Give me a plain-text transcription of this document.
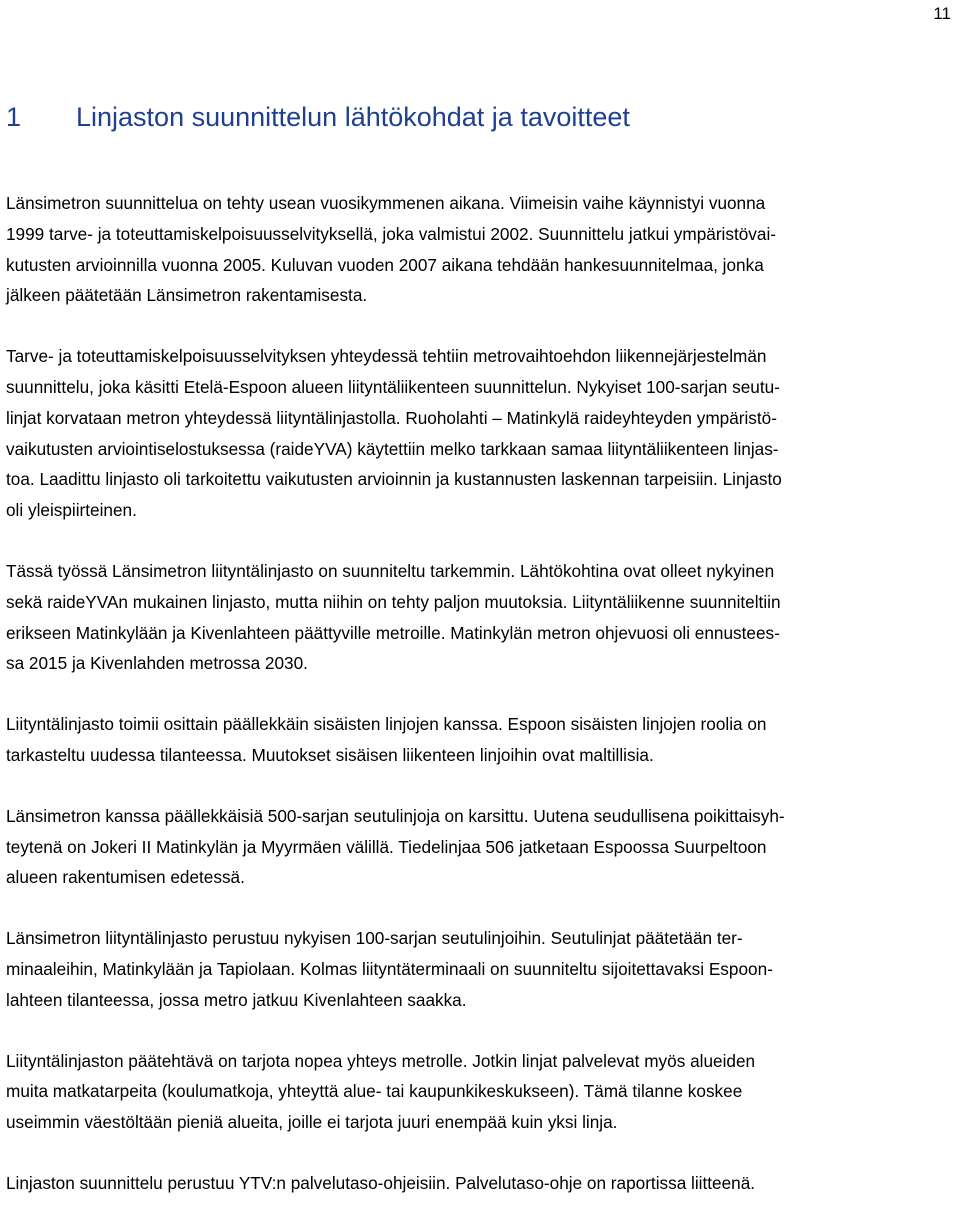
11
1 Linjaston suunnittelun lähtökohdat ja tavoitteet

Länsimetron suunnittelua on tehty usean vuosikymmenen aikana. Viimeisin vaihe käynnistyi vuonna
1999 tarve- ja toteuttamiskelpoisuusselvityksellä, joka valmistui 2002. Suunnittelu jatkui ympäristövai-
kutusten arvioinnilla vuonna 2005. Kuluvan vuoden 2007 aikana tehdään hankesuunnitelmaa, jonka
jälkeen päätetään Länsimetron rakentamisesta.

Tarve- ja toteuttamiskelpoisuusselvityksen yhteydessä tehtiin metrovaihtoehdon liikennejärjestelmän
suunnittelu, joka käsitti Etelä-Espoon alueen liityntäliikenteen suunnittelun. Nykyiset 100-sarjan seutu-
linjat korvataan metron yhteydessä liityntälinjastolla. Ruoholahti – Matinkylä raideyhteyden ympäristö-
vaikutusten arviointiselostuksessa (raideYVA) käytettiin melko tarkkaan samaa liityntäliikenteen linjas-
toa. Laadittu linjasto oli tarkoitettu vaikutusten arvioinnin ja kustannusten laskennan tarpeisiin. Linjasto
oli yleispiirteinen.

Tässä työssä Länsimetron liityntälinjasto on suunniteltu tarkemmin. Lähtökohtina ovat olleet nykyinen
sekä raideYVAn mukainen linjasto, mutta niihin on tehty paljon muutoksia. Liityntäliikenne suunniteltiin
erikseen Matinkylään ja Kivenlahteen päättyville metroille. Matinkylän metron ohjevuosi oli ennustees-
sa 2015 ja Kivenlahden metrossa 2030.

Liityntälinjasto toimii osittain päällekkäin sisäisten linjojen kanssa. Espoon sisäisten linjojen roolia on
tarkasteltu uudessa tilanteessa. Muutokset sisäisen liikenteen linjoihin ovat maltillisia.

Länsimetron kanssa päällekkäisiä 500-sarjan seutulinjoja on karsittu. Uutena seudullisena poikittaisyh-
teytenä on Jokeri II Matinkylän ja Myyrmäen välillä. Tiedelinjaa 506 jatketaan Espoossa Suurpeltoon
alueen rakentumisen edetessä.

Länsimetron liityntälinjasto perustuu nykyisen 100-sarjan seutulinjoihin. Seutulinjat päätetään ter-
minaaleihin, Matinkylään ja Tapiolaan. Kolmas liityntäterminaali on suunniteltu sijoitettavaksi Espoon-
lahteen tilanteessa, jossa metro jatkuu Kivenlahteen saakka.

Liityntälinjaston päätehtävä on tarjota nopea yhteys metrolle. Jotkin linjat palvelevat myös alueiden
muita matkatarpeita (koulumatkoja, yhteyttä alue- tai kaupunkikeskukseen). Tämä tilanne koskee
useimmin väestöltään pieniä alueita, joille ei tarjota juuri enempää kuin yksi linja.

Linjaston suunnittelu perustuu YTV:n palvelutaso-ohjeisiin. Palvelutaso-ohje on raportissa liitteenä.
